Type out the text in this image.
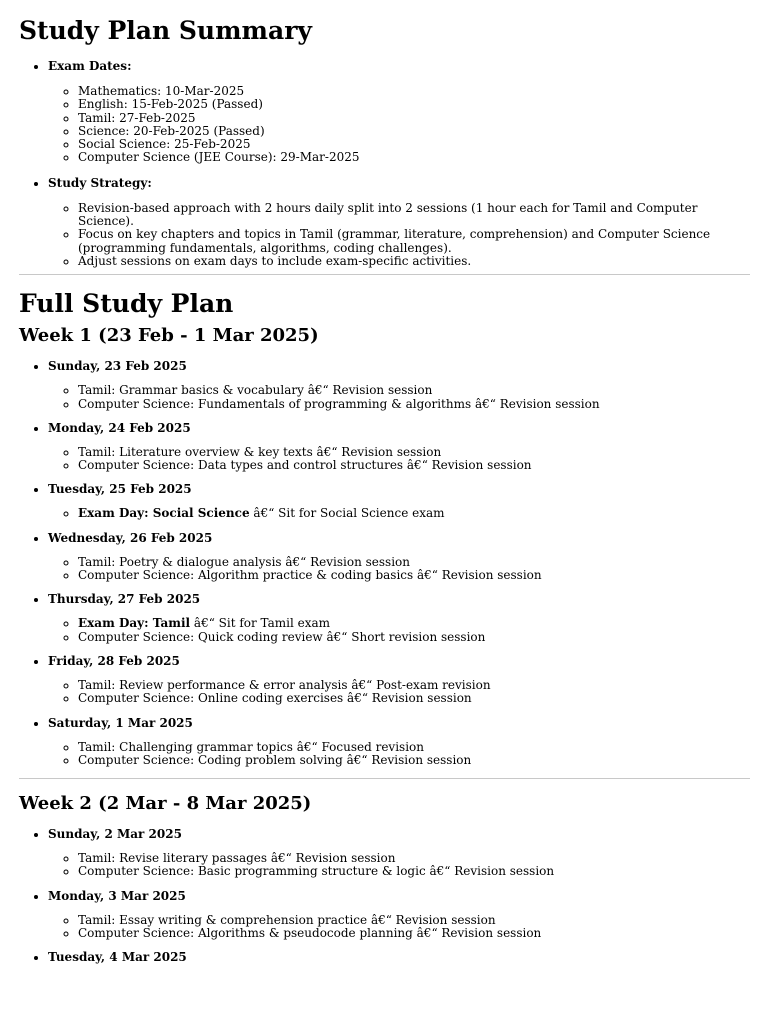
Study Plan Summary
• Exam Dates:
◦ Mathematics: 10-Mar-2025
◦ English: 15-Feb-2025 (Passed)
◦ Tamil: 27-Feb-2025
◦ Science: 20-Feb-2025 (Passed)
◦ Social Science: 25-Feb-2025
◦ Computer Science (JEE Course): 29-Mar-2025
• Study Strategy:
◦ Revision-based approach with 2 hours daily split into 2 sessions (1 hour each for Tamil and Computer Science).
◦ Focus on key chapters and topics in Tamil (grammar, literature, comprehension) and Computer Science (programming fundamentals, algorithms, coding challenges).
◦ Adjust sessions on exam days to include exam-specific activities.
Full Study Plan
Week 1 (23 Feb - 1 Mar 2025)
• Sunday, 23 Feb 2025
◦ Tamil: Grammar basics & vocabulary â€“ Revision session
◦ Computer Science: Fundamentals of programming & algorithms â€“ Revision session
• Monday, 24 Feb 2025
◦ Tamil: Literature overview & key texts â€“ Revision session
◦ Computer Science: Data types and control structures â€“ Revision session
• Tuesday, 25 Feb 2025
◦ Exam Day: Social Science â€“ Sit for Social Science exam
• Wednesday, 26 Feb 2025
◦ Tamil: Poetry & dialogue analysis â€“ Revision session
◦ Computer Science: Algorithm practice & coding basics â€“ Revision session
• Thursday, 27 Feb 2025
◦ Exam Day: Tamil â€“ Sit for Tamil exam
◦ Computer Science: Quick coding review â€“ Short revision session
• Friday, 28 Feb 2025
◦ Tamil: Review performance & error analysis â€“ Post-exam revision
◦ Computer Science: Online coding exercises â€“ Revision session
• Saturday, 1 Mar 2025
◦ Tamil: Challenging grammar topics â€“ Focused revision
◦ Computer Science: Coding problem solving â€“ Revision session
Week 2 (2 Mar - 8 Mar 2025)
• Sunday, 2 Mar 2025
◦ Tamil: Revise literary passages â€“ Revision session
◦ Computer Science: Basic programming structure & logic â€“ Revision session
• Monday, 3 Mar 2025
◦ Tamil: Essay writing & comprehension practice â€“ Revision session
◦ Computer Science: Algorithms & pseudocode planning â€“ Revision session
• Tuesday, 4 Mar 2025
